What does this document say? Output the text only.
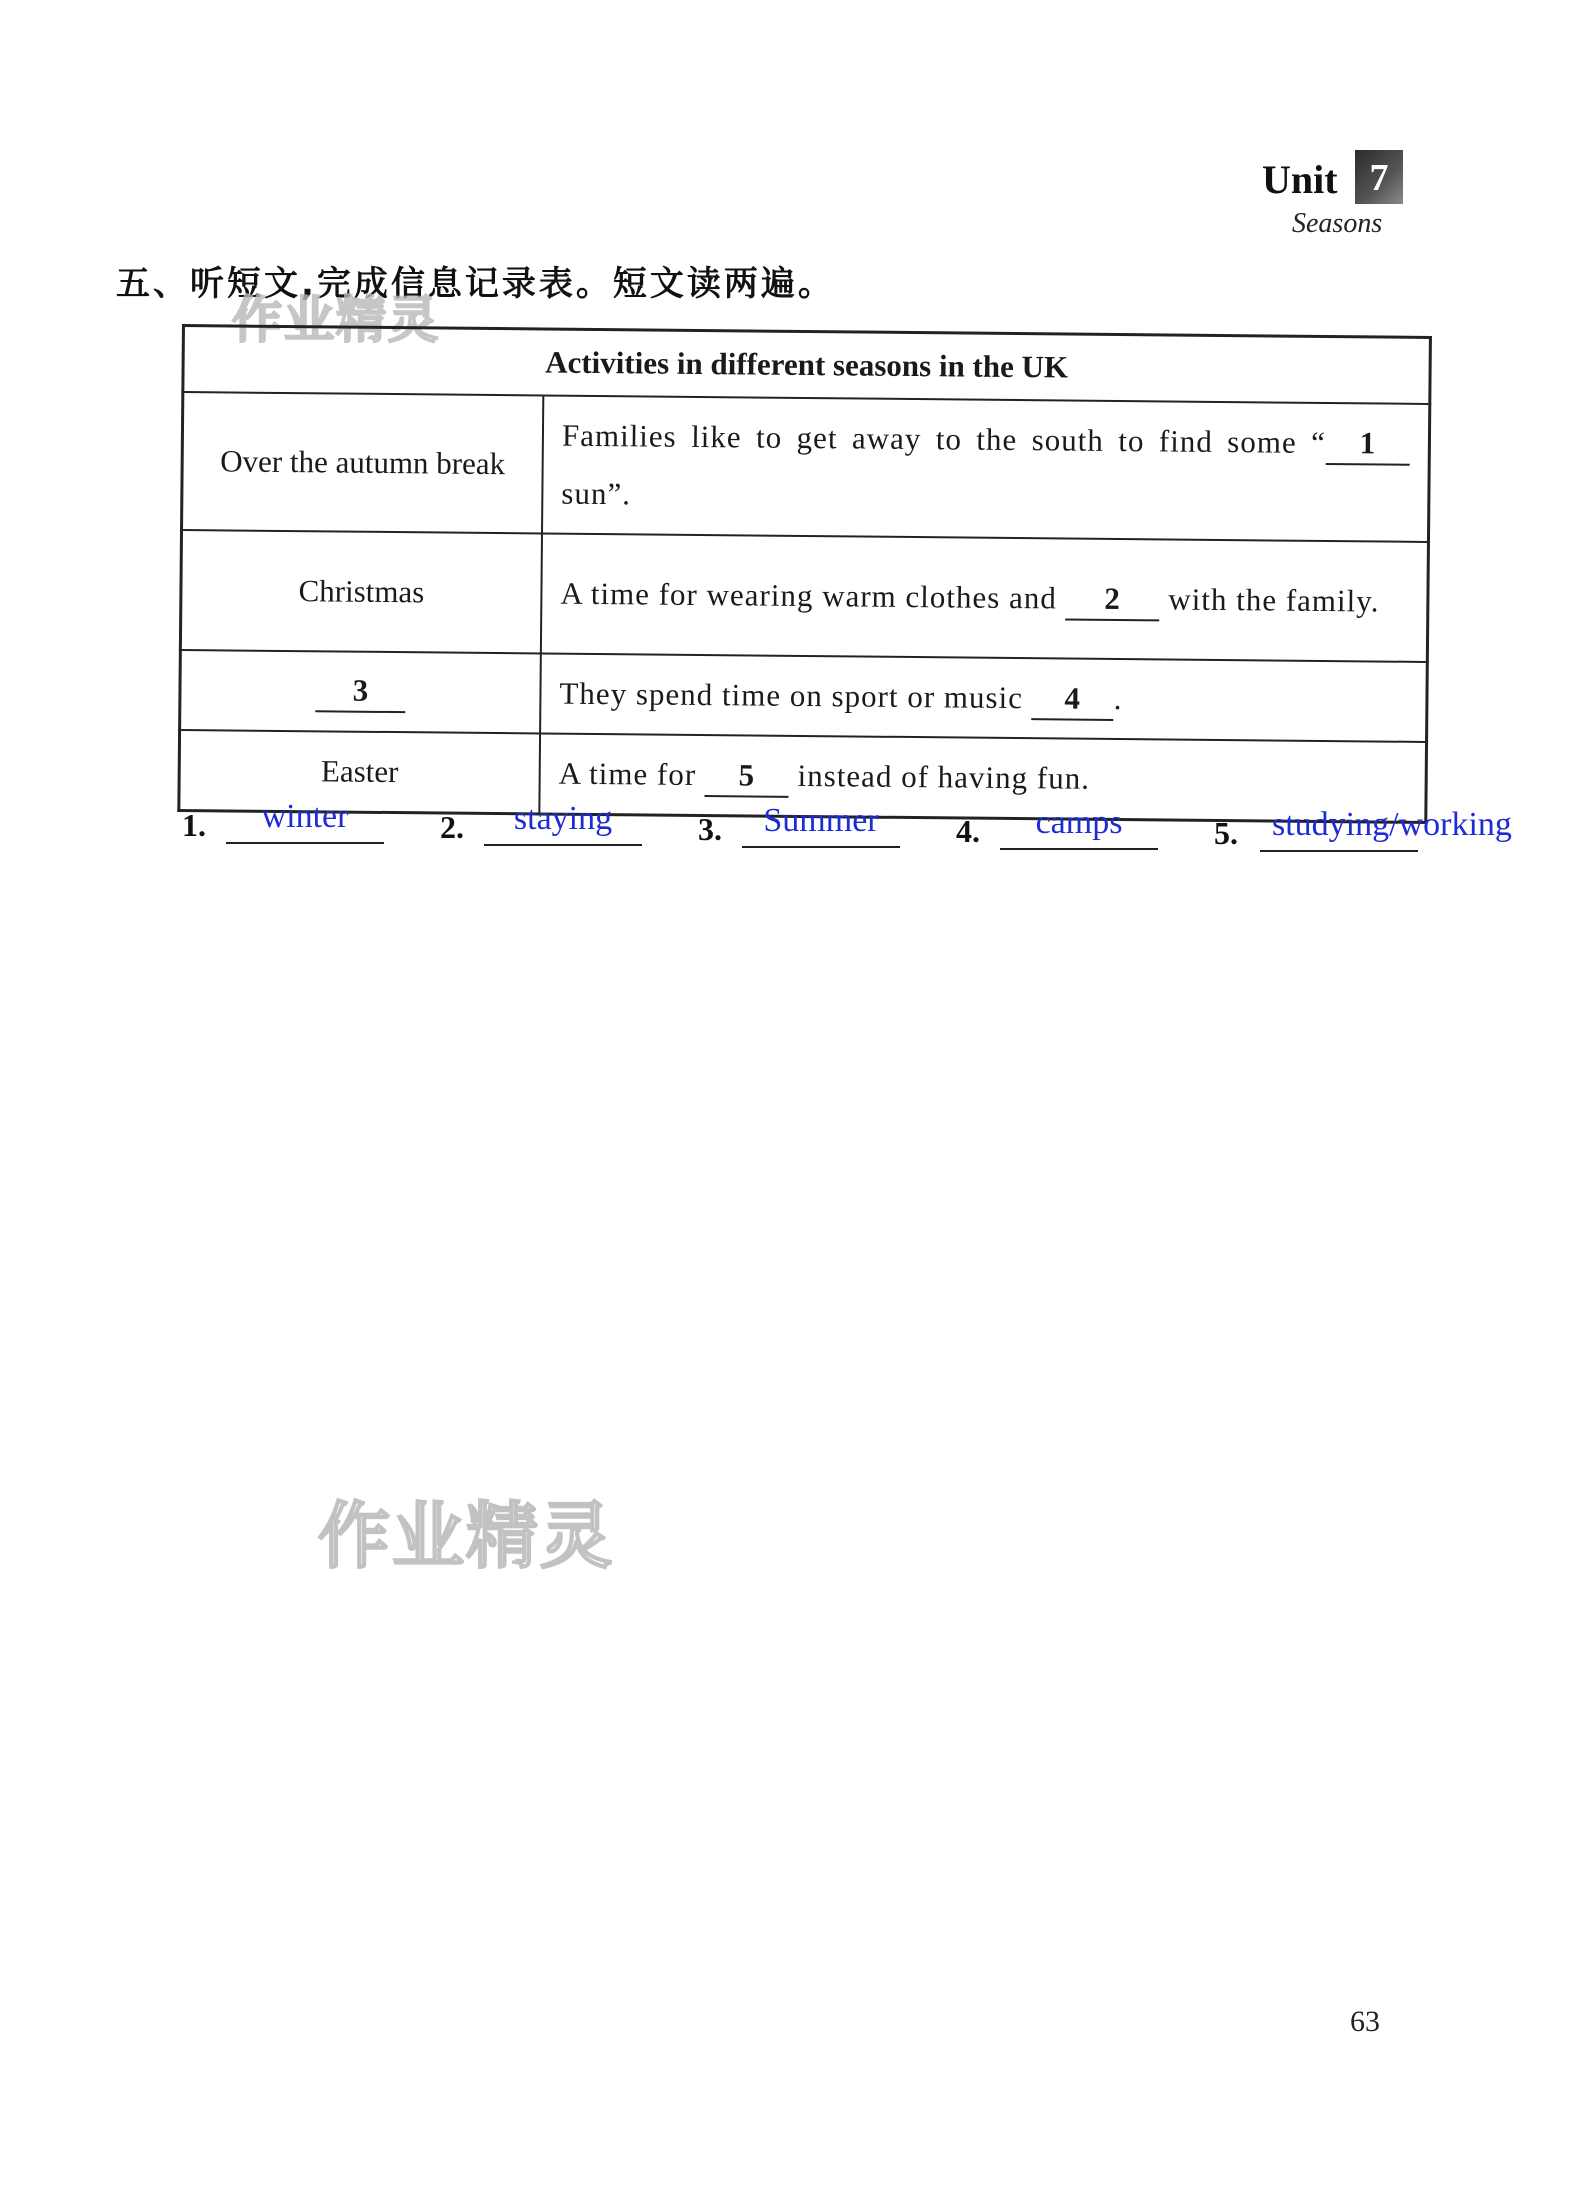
Unit 7
Seasons
五、听短文,完成信息记录表。短文读两遍。
作业精灵
Activities in different seasons in the UK	
Over the autumn break	Families like to get away to the south to find some “ 1 sun”.
Christmas	A time for wearing warm clothes and 2 with the family.
3	They spend time on sport or music 4 .
Easter	A time for 5 instead of having fun.
1.	winter	2.	staying	3.	Summer	4.	camps	5. studying/working
作业精灵
63
